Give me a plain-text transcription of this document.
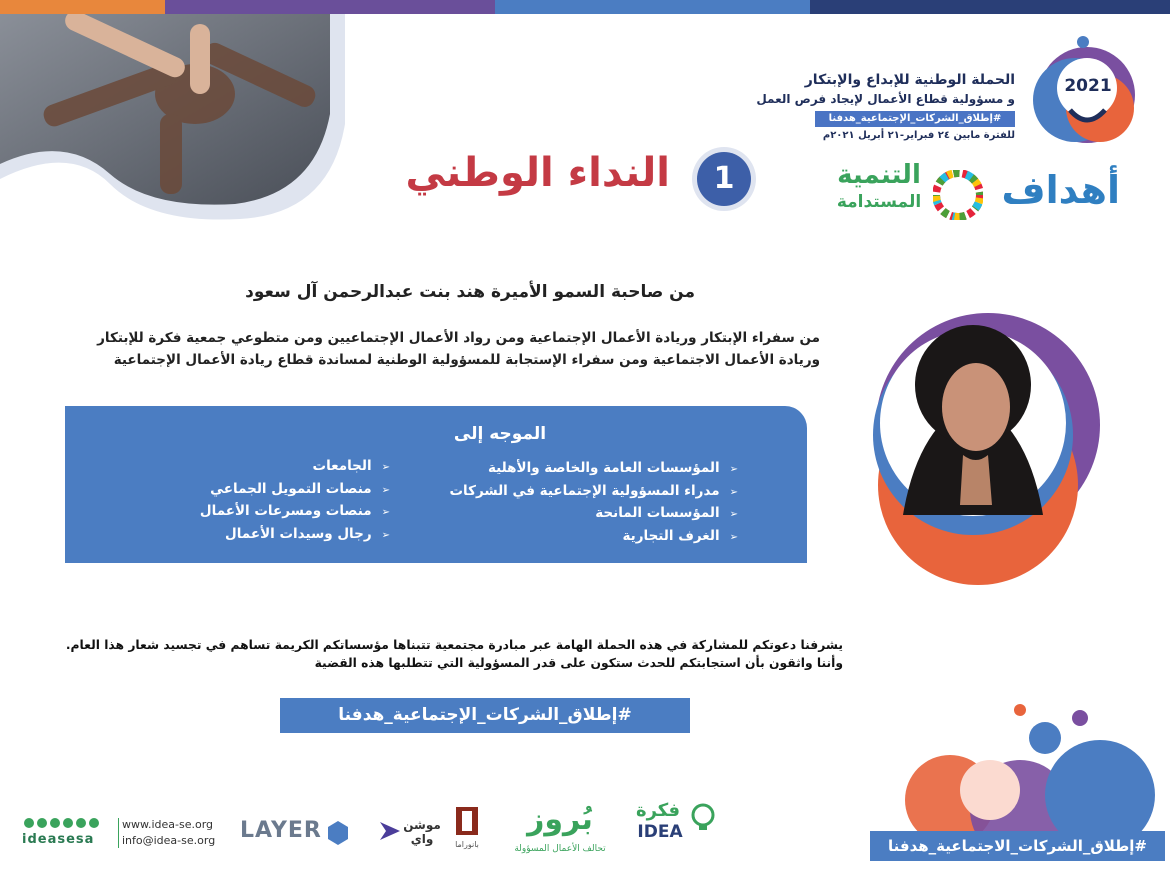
2021
الحملة الوطنية للإبداع والإبتكار
و مسؤولية قطاع الأعمال لإيجاد فرص العمل
#إطلاق_الشركات_الإجتماعية_هدفنا
للفترة مابين ٢٤ فبراير-٢١ أبريل ٢٠٢١م
أهداف
التنمية
المستدامة
النداء الوطني	1
من صاحبة السمو الأميرة هند بنت عبدالرحمن آل سعود
من سفراء الإبتكار وريادة الأعمال الإجتماعية ومن رواد الأعمال الإجتماعيين ومن متطوعي جمعية فكرة للإبتكار
وريادة الأعمال الاجتماعية ومن سفراء الإستجابة للمسؤولية الوطنية لمساندة قطاع ريادة الأعمال الإجتماعية
الموجه إلى
➢ المؤسسات العامة والخاصة والأهلية
➢ مدراء المسؤولية الإجتماعية في الشركات
➢ المؤسسات المانحة
➢ الغرف التجارية
➢ الجامعات
➢ منصات التمويل الجماعي
➢ منصات ومسرعات الأعمال
➢ رجال وسيدات الأعمال
يشرفنا دعوتكم للمشاركة في هذه الحملة الهامة عبر مبادرة مجتمعية تتبناها مؤسساتكم الكريمة تساهم في تجسيد شعار هذا العام.
وأننا واثقون بأن استجابتكم للحدث ستكون على قدر المسؤولية التي تتطلبها هذه القضية
#إطلاق_الشركات_الإجتماعية_هدفنا
#إطلاق_الشركات_الاجتماعية_هدفنا
ideasesa
www.idea-se.org
info@idea-se.org LAYER	موشن واي	بانوراما
بُروز
تحالف الأعمال المسؤولة
فكرة
IDEA
